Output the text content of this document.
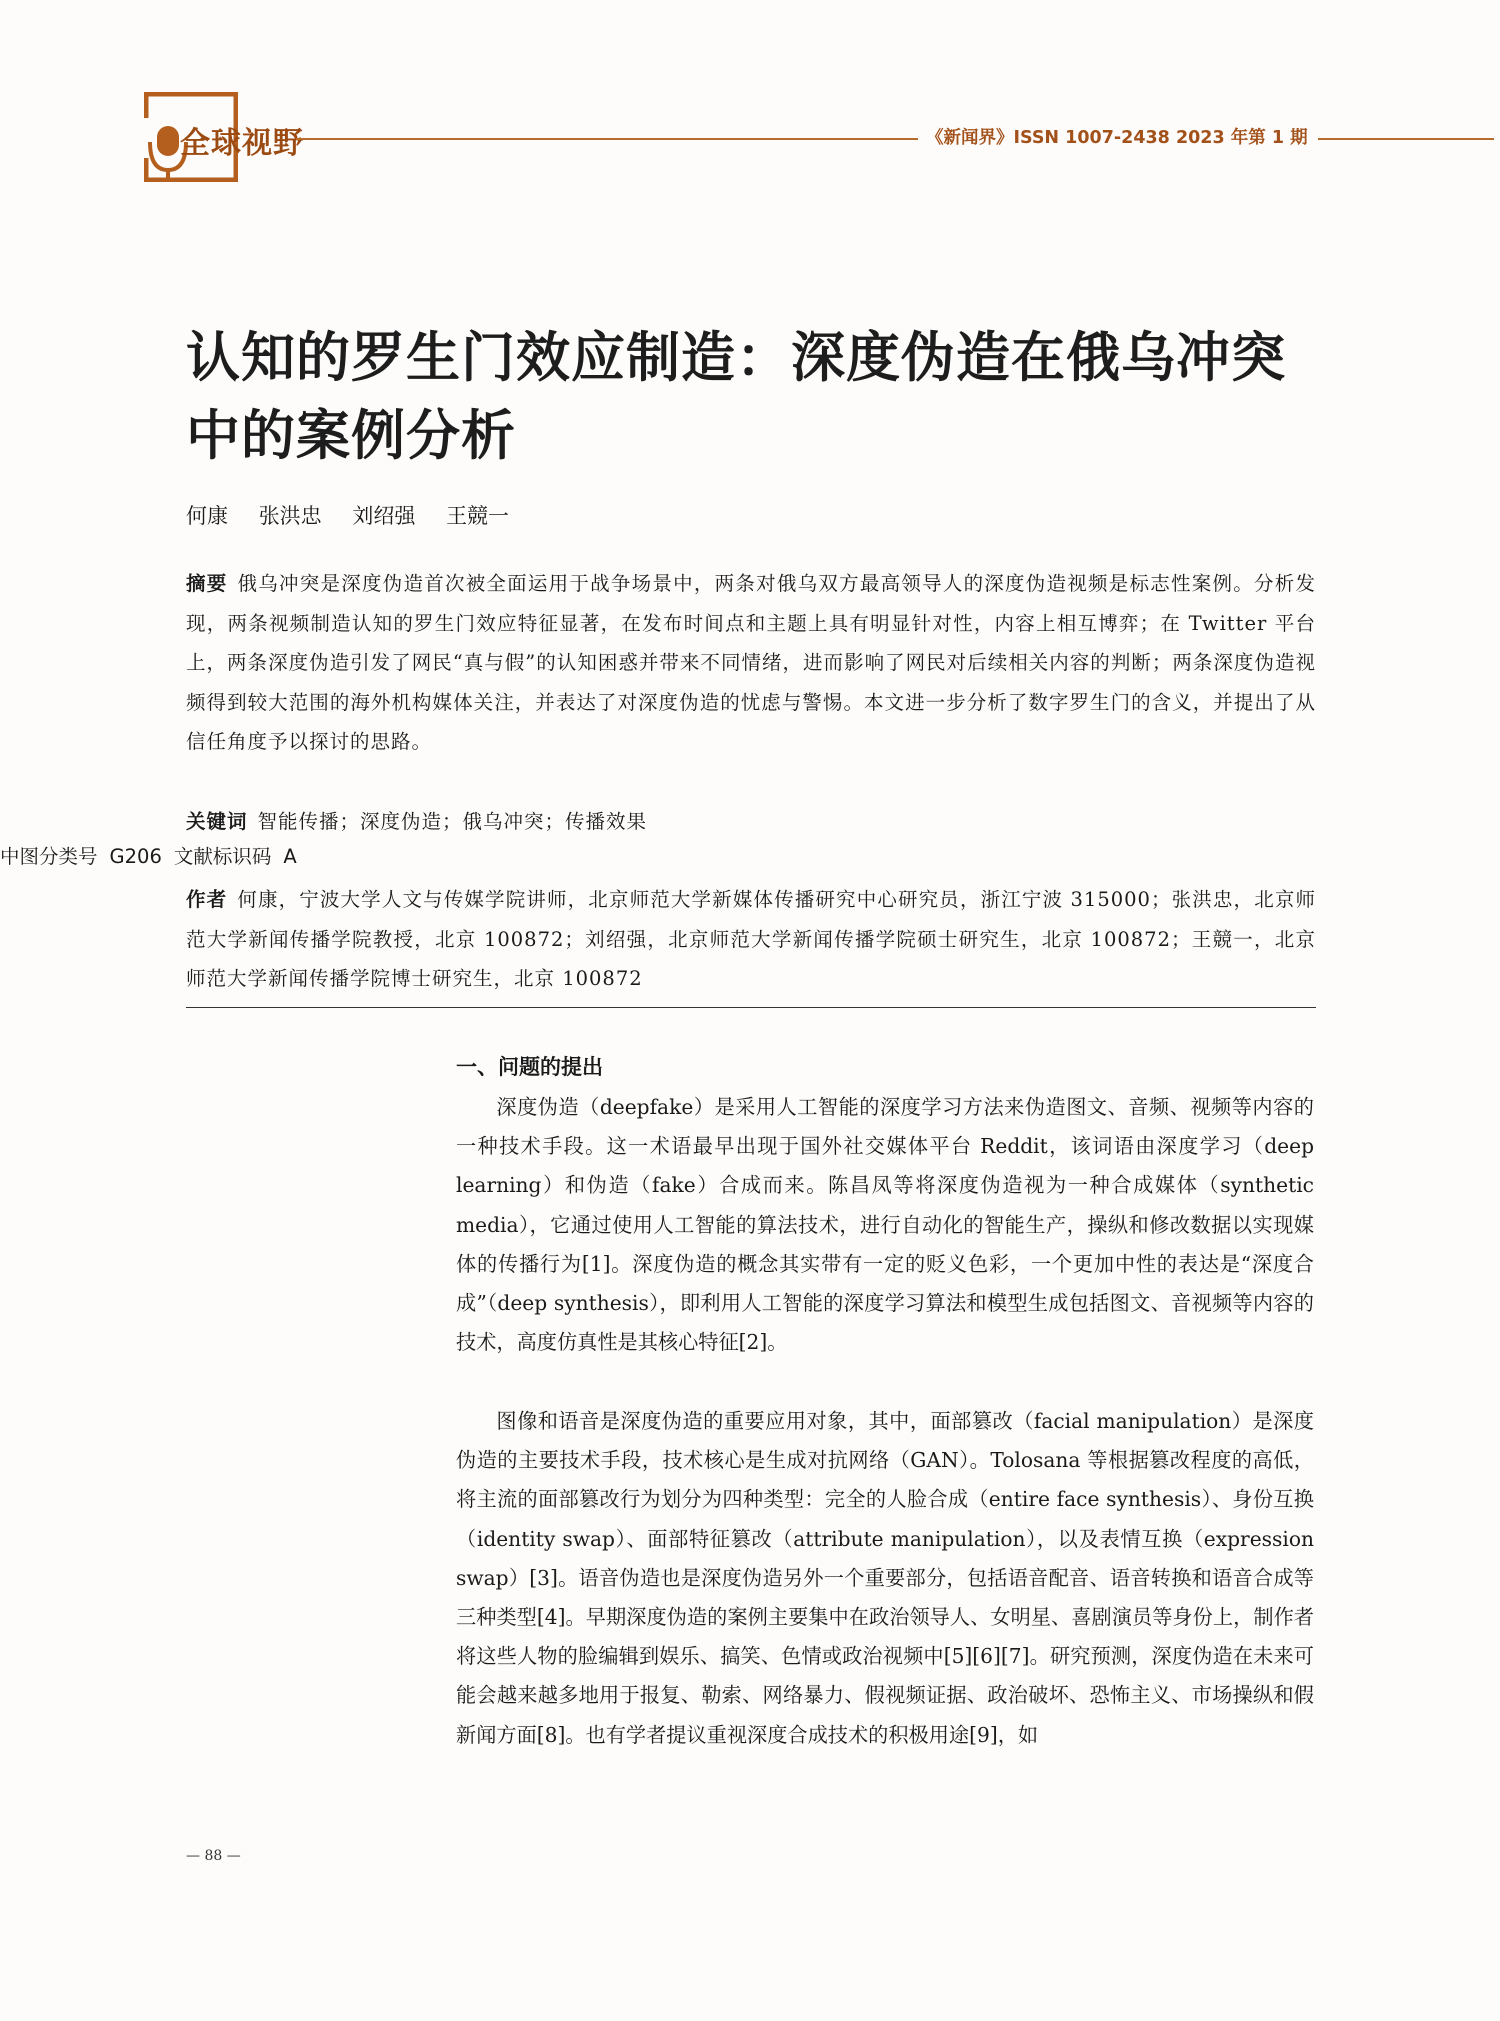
全球视野	《新闻界》ISSN 1007-2438 2023 年第 1 期
认知的罗生门效应制造：深度伪造在俄乌冲突中的案例分析
何康 张洪忠 刘绍强 王競一
摘要 俄乌冲突是深度伪造首次被全面运用于战争场景中，两条对俄乌双方最高领导人的深度伪造视频是标志性案例。分析发现，两条视频制造认知的罗生门效应特征显著，在发布时间点和主题上具有明显针对性，内容上相互博弈；在 Twitter 平台上，两条深度伪造引发了网民“真与假”的认知困惑并带来不同情绪，进而影响了网民对后续相关内容的判断；两条深度伪造视频得到较大范围的海外机构媒体关注，并表达了对深度伪造的忧虑与警惕。本文进一步分析了数字罗生门的含义，并提出了从信任角度予以探讨的思路。
关键词 智能传播；深度伪造；俄乌冲突；传播效果
中图分类号 G206 文献标识码 A
作者 何康，宁波大学人文与传媒学院讲师，北京师范大学新媒体传播研究中心研究员，浙江宁波 315000；张洪忠，北京师范大学新闻传播学院教授，北京 100872；刘绍强，北京师范大学新闻传播学院硕士研究生，北京 100872；王競一，北京师范大学新闻传播学院博士研究生，北京 100872
一、问题的提出

深度伪造（deepfake）是采用人工智能的深度学习方法来伪造图文、音频、视频等内容的一种技术手段。这一术语最早出现于国外社交媒体平台 Reddit，该词语由深度学习（deep learning）和伪造（fake）合成而来。陈昌凤等将深度伪造视为一种合成媒体（synthetic media），它通过使用人工智能的算法技术，进行自动化的智能生产，操纵和修改数据以实现媒体的传播行为[1]。深度伪造的概念其实带有一定的贬义色彩，一个更加中性的表达是“深度合成”（deep synthesis），即利用人工智能的深度学习算法和模型生成包括图文、音视频等内容的技术，高度仿真性是其核心特征[2]。

图像和语音是深度伪造的重要应用对象，其中，面部篡改（facial manipulation）是深度伪造的主要技术手段，技术核心是生成对抗网络（GAN）。Tolosana 等根据篡改程度的高低，将主流的面部篡改行为划分为四种类型：完全的人脸合成（entire face synthesis）、身份互换（identity swap）、面部特征篡改（attribute manipulation），以及表情互换（expression swap）[3]。语音伪造也是深度伪造另外一个重要部分，包括语音配音、语音转换和语音合成等三种类型[4]。早期深度伪造的案例主要集中在政治领导人、女明星、喜剧演员等身份上，制作者将这些人物的脸编辑到娱乐、搞笑、色情或政治视频中[5][6][7]。研究预测，深度伪造在未来可能会越来越多地用于报复、勒索、网络暴力、假视频证据、政治破坏、恐怖主义、市场操纵和假新闻方面[8]。也有学者提议重视深度合成技术的积极用途[9]，如

— 88 —
